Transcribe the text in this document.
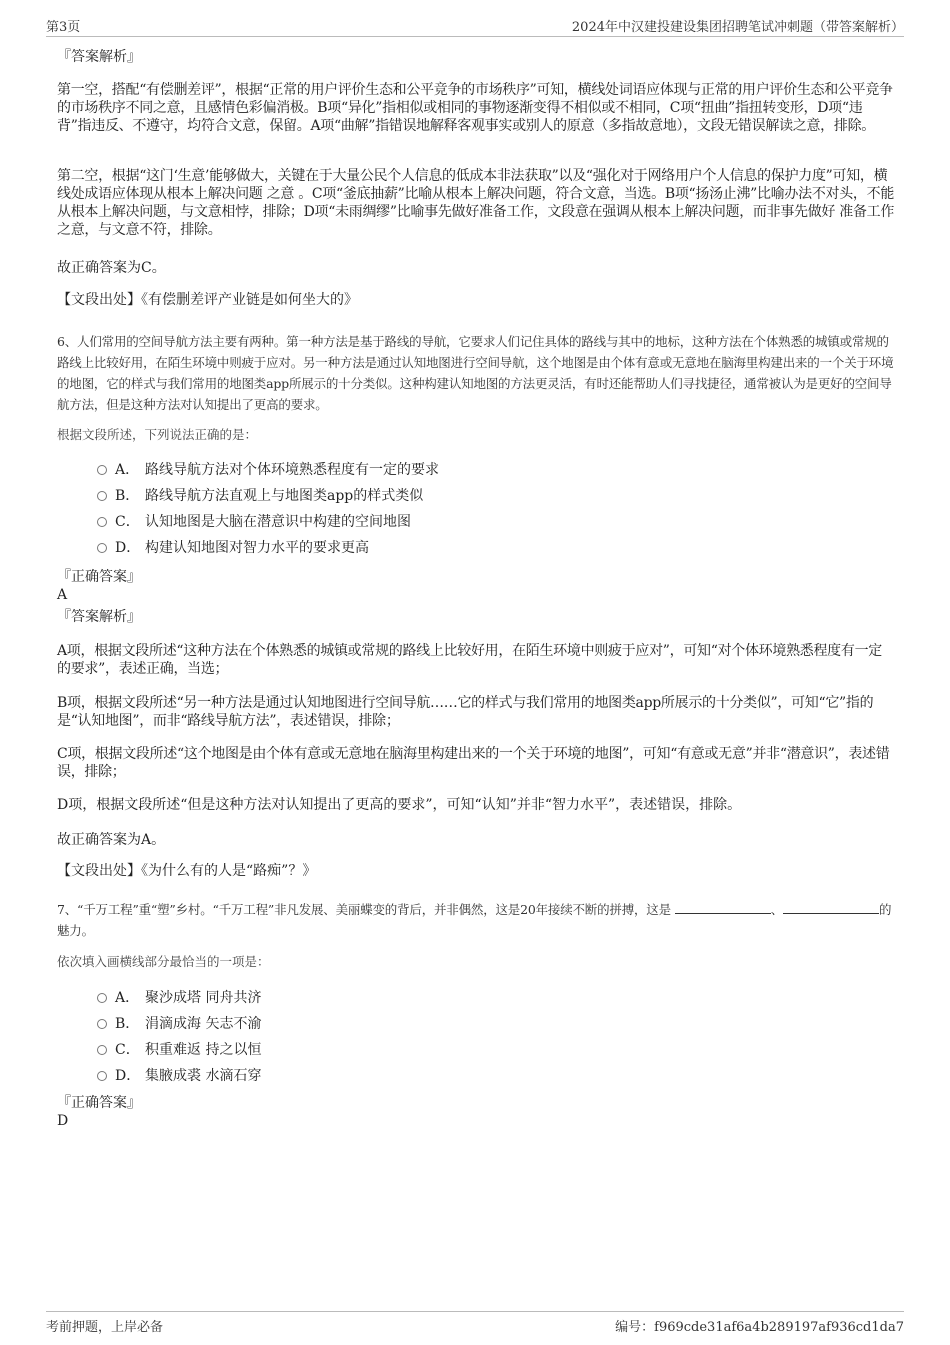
第3页	2024年中汉建投建设集团招聘笔试冲刺题（带答案解析）
『答案解析』
第一空，搭配“有偿删差评”，根据“正常的用户评价生态和公平竞争的市场秩序”可知，横线处词语应体现与正常的用户评价生态和公平竞争的市场秩序不同之意，且感情色彩偏消极。B项“异化”指相似或相同的事物逐渐变得不相似或不相同，C项“扭曲”指扭转变形，D项“违背”指违反、不遵守，均符合文意，保留。A项“曲解”指错误地解释客观事实或别人的原意（多指故意地），文段无错误解读之意，排除。
第二空，根据“这门‘生意’能够做大，关键在于大量公民个人信息的低成本非法获取”以及“强化对于网络用户个人信息的保护力度”可知，横线处成语应体现从根本上解决问题 之意 。C项“釜底抽薪”比喻从根本上解决问题，符合文意，当选。B项“扬汤止沸”比喻办法不对头，不能从根本上解决问题，与文意相悖，排除；D项“未雨绸缪”比喻事先做好准备工作，文段意在强调从根本上解决问题，而非事先做好 准备工作 之意，与文意不符，排除。
故正确答案为C。
【文段出处】《有偿删差评产业链是如何坐大的》
6、人们常用的空间导航方法主要有两种。第一种方法是基于路线的导航，它要求人们记住具体的路线与其中的地标，这种方法在个体熟悉的城镇或常规的路线上比较好用，在陌生环境中则疲于应对。另一种方法是通过认知地图进行空间导航，这个地图是由个体有意或无意地在脑海里构建出来的一个关于环境的地图，它的样式与我们常用的地图类app所展示的十分类似。这种构建认知地图的方法更灵活，有时还能帮助人们寻找捷径，通常被认为是更好的空间导航方法，但是这种方法对认知提出了更高的要求。
根据文段所述，下列说法正确的是：
A． 路线导航方法对个体环境熟悉程度有一定的要求
B． 路线导航方法直观上与地图类app的样式类似
C． 认知地图是大脑在潜意识中构建的空间地图
D． 构建认知地图对智力水平的要求更高
『正确答案』
A
『答案解析』
A项，根据文段所述“这种方法在个体熟悉的城镇或常规的路线上比较好用，在陌生环境中则疲于应对”，可知“对个体环境熟悉程度有一定的要求”，表述正确，当选；
B项，根据文段所述“另一种方法是通过认知地图进行空间导航……它的样式与我们常用的地图类app所展示的十分类似”，可知“它”指的是“认知地图”，而非“路线导航方法”，表述错误，排除；
C项，根据文段所述“这个地图是由个体有意或无意地在脑海里构建出来的一个关于环境的地图”，可知“有意或无意”并非“潜意识”，表述错误，排除；
D项，根据文段所述“但是这种方法对认知提出了更高的要求”，可知“认知”并非“智力水平”，表述错误，排除。
故正确答案为A。
【文段出处】《为什么有的人是“路痴”？》
7、“千万工程”重“塑”乡村。“千万工程”非凡发展、美丽蝶变的背后，并非偶然，这是20年接续不断的拼搏，这是	、	的魅力。
依次填入画横线部分最恰当的一项是：
A． 聚沙成塔 同舟共济
B． 涓滴成海 矢志不渝
C． 积重难返 持之以恒
D． 集腋成裘 水滴石穿
『正确答案』
D
考前押题，上岸必备	编号：f969cde31af6a4b289197af936cd1da7
